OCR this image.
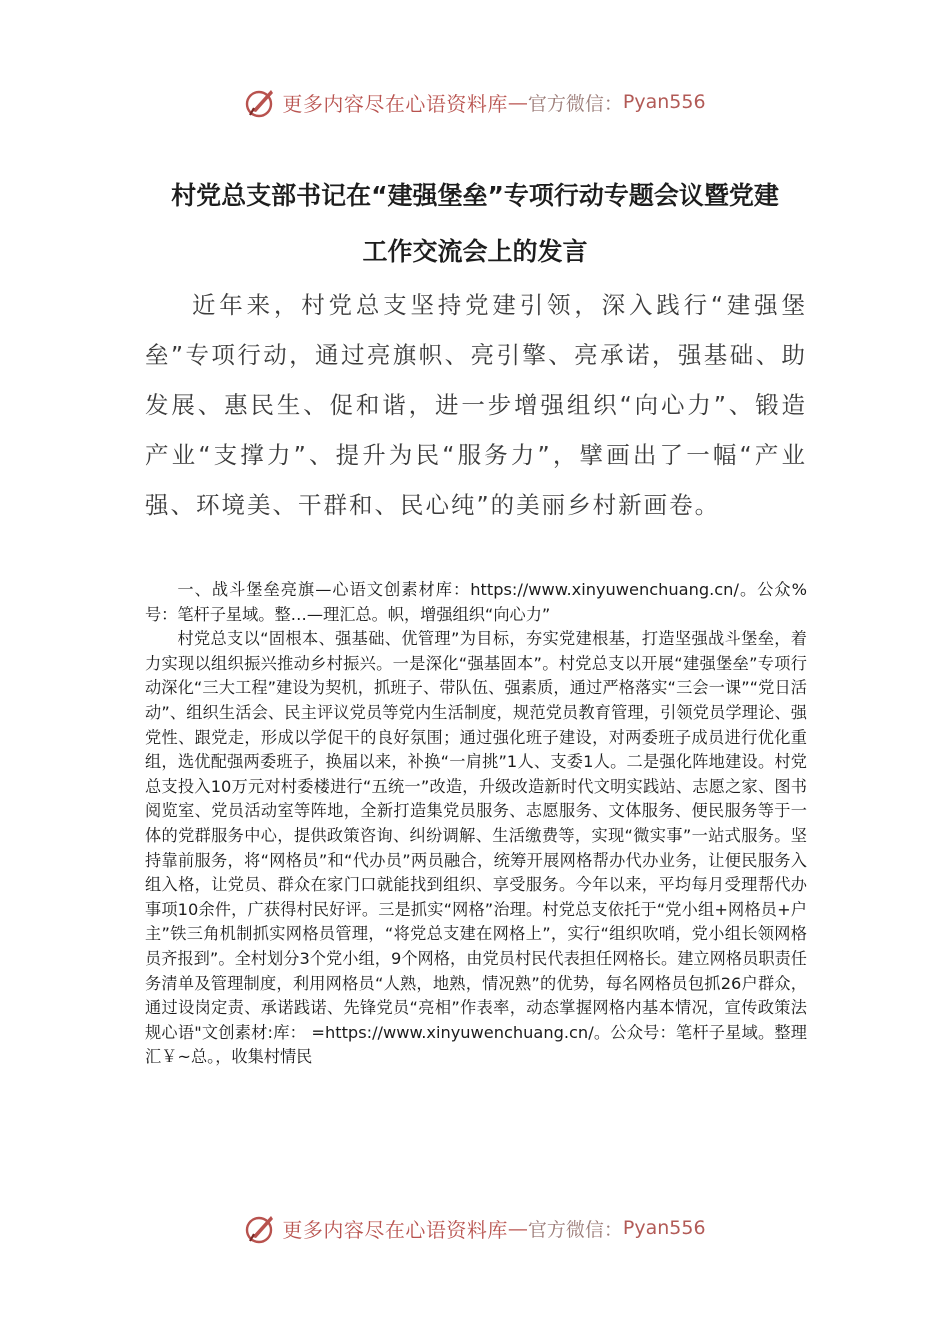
更多内容尽在心语资料库 — 官方微信： Pyan556
村党总支部书记在“建强堡垒”专项行动专题会议暨党建
工作交流会上的发言
近年来，村党总支坚持党建引领，深入践行“建强堡垒”专项行动，通过亮旗帜、亮引擎、亮承诺，强基础、助发展、惠民生、促和谐，进一步增强组织“向心力”、锻造产业“支撑力”、提升为民“服务力”，擘画出了一幅“产业强、环境美、干群和、民心纯”的美丽乡村新画卷。

一、战斗堡垒亮旗—心语文创素材库：https://www.xinyuwenchuang.cn/。公众%号：笔杆子星域。整…—理汇总。帜，增强组织“向心力”

村党总支以“固根本、强基础、优管理”为目标，夯实党建根基，打造坚强战斗堡垒，着力实现以组织振兴推动乡村振兴。一是深化“强基固本”。村党总支以开展“建强堡垒”专项行动深化“三大工程”建设为契机，抓班子、带队伍、强素质，通过严格落实“三会一课”“党日活动”、组织生活会、民主评议党员等党内生活制度，规范党员教育管理，引领党员学理论、强党性、跟党走，形成以学促干的良好氛围；通过强化班子建设，对两委班子成员进行优化重组，选优配强两委班子，换届以来，补换“一肩挑”1人、支委1人。二是强化阵地建设。村党总支投入10万元对村委楼进行“五统一”改造，升级改造新时代文明实践站、志愿之家、图书阅览室、党员活动室等阵地，全新打造集党员服务、志愿服务、文体服务、便民服务等于一体的党群服务中心，提供政策咨询、纠纷调解、生活缴费等，实现“微实事”一站式服务。坚持靠前服务，将“网格员”和“代办员”两员融合，统筹开展网格帮办代办业务，让便民服务入组入格，让党员、群众在家门口就能找到组织、享受服务。今年以来，平均每月受理帮代办事项10余件，广获得村民好评。三是抓实“网格”治理。村党总支依托于“党小组+网格员+户主”铁三角机制抓实网格员管理，“将党总支建在网格上”，实行“组织吹哨，党小组长领网格员齐报到”。全村划分3个党小组，9个网格，由党员村民代表担任网格长。建立网格员职责任务清单及管理制度，利用网格员“人熟，地熟，情况熟”的优势，每名网格员包抓26户群众，通过设岗定责、承诺践诺、先锋党员“亮相”作表率，动态掌握网格内基本情况，宣传政策法规心语"文创素材:库： =https://www.xinyuwenchuang.cn/。公众号：笔杆子星域。整理汇￥~总。，收集村情民

更多内容尽在心语资料库 — 官方微信： Pyan556
